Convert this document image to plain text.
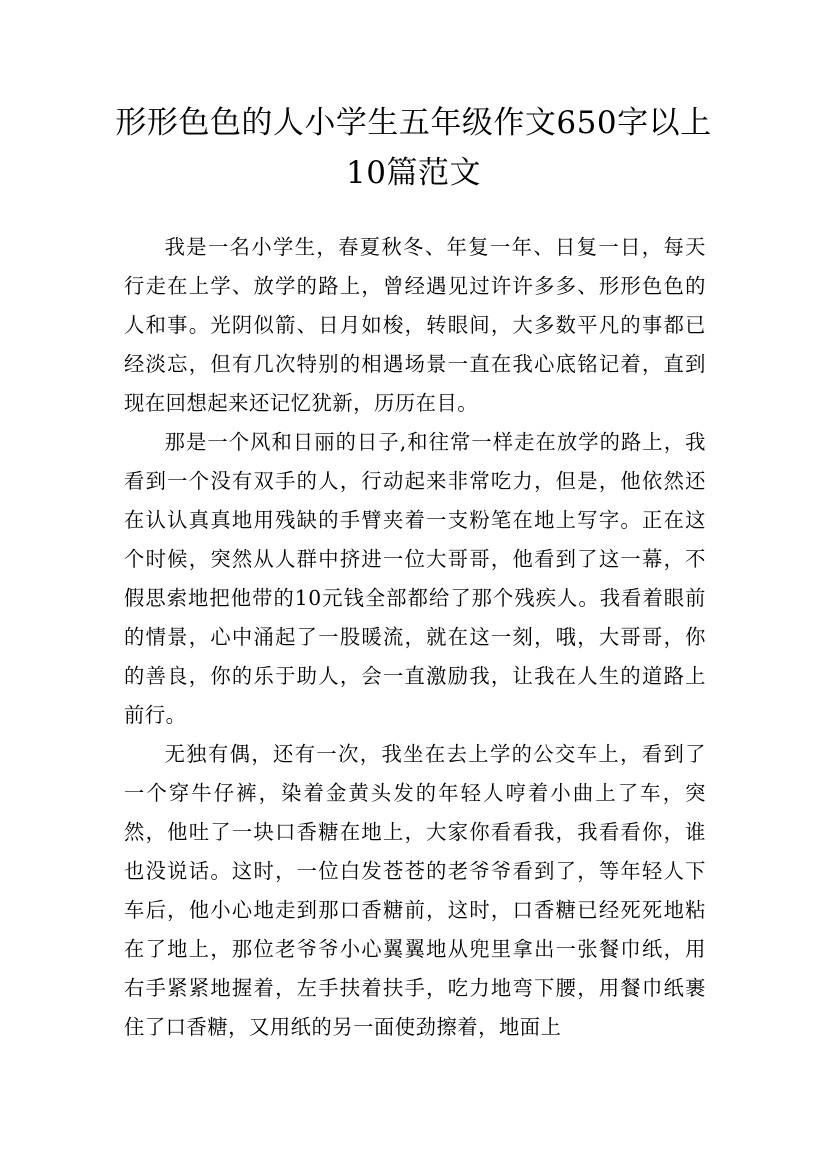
形形色色的人小学生五年级作文650字以上10篇范文

我是一名小学生，春夏秋冬、年复一年、日复一日，每天行走在上学、放学的路上，曾经遇见过许许多多、形形色色的人和事。光阴似箭、日月如梭，转眼间，大多数平凡的事都已经淡忘，但有几次特别的相遇场景一直在我心底铭记着，直到现在回想起来还记忆犹新，历历在目。

那是一个风和日丽的日子,和往常一样走在放学的路上，我看到一个没有双手的人，行动起来非常吃力，但是，他依然还在认认真真地用残缺的手臂夹着一支粉笔在地上写字。正在这个时候，突然从人群中挤进一位大哥哥，他看到了这一幕，不假思索地把他带的10元钱全部都给了那个残疾人。我看着眼前的情景，心中涌起了一股暖流，就在这一刻，哦，大哥哥，你的善良，你的乐于助人，会一直激励我，让我在人生的道路上前行。

无独有偶，还有一次，我坐在去上学的公交车上，看到了一个穿牛仔裤，染着金黄头发的年轻人哼着小曲上了车，突然，他吐了一块口香糖在地上，大家你看看我，我看看你，谁也没说话。这时，一位白发苍苍的老爷爷看到了，等年轻人下车后，他小心地走到那口香糖前，这时，口香糖已经死死地粘在了地上，那位老爷爷小心翼翼地从兜里拿出一张餐巾纸，用右手紧紧地握着，左手扶着扶手，吃力地弯下腰，用餐巾纸裹住了口香糖，又用纸的另一面使劲擦着，地面上
